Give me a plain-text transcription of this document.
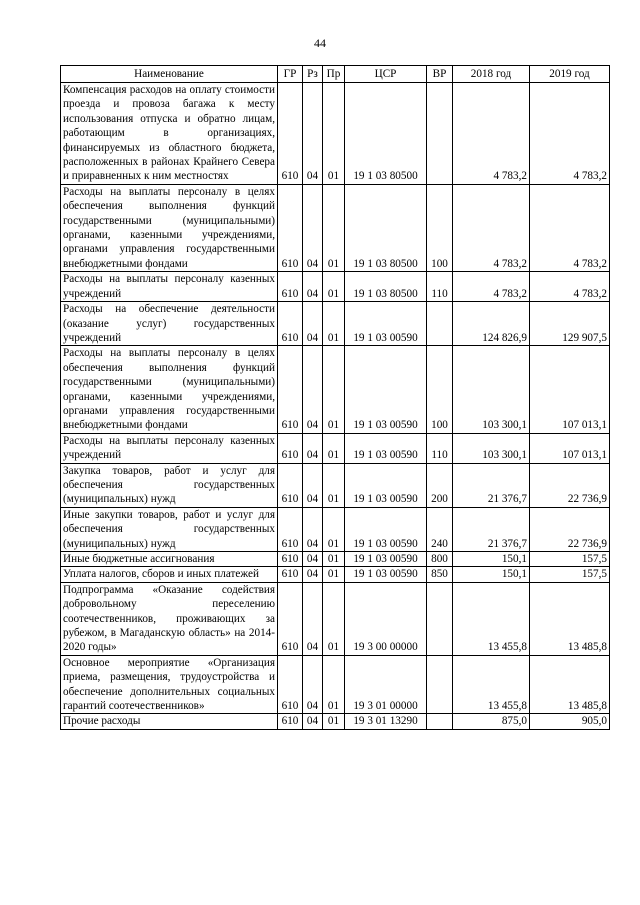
44
Наименование	ГР	Рз	Пр	ЦСР	ВР	2018 год	2019 год
Компенсация расходов на оплату стоимости проезда и провоза багажа к месту использования отпуска и обратно лицам, работающим в организациях, финансируемых из областного бюджета, расположенных в районах Крайнего Севера и приравненных к ним местностях	610	04	01	19 1 03 80500		4 783,2	4 783,2
Расходы на выплаты персоналу в целях обеспечения выполнения функций государственными (муниципальными) органами, казенными учреждениями, органами управления государственными внебюджетными фондами	610	04	01	19 1 03 80500	100	4 783,2	4 783,2
Расходы на выплаты персоналу казенных учреждений	610	04	01	19 1 03 80500	110	4 783,2	4 783,2
Расходы на обеспечение деятельности (оказание услуг) государственных учреждений	610	04	01	19 1 03 00590		124 826,9	129 907,5
Расходы на выплаты персоналу в целях обеспечения выполнения функций государственными (муниципальными) органами, казенными учреждениями, органами управления государственными внебюджетными фондами	610	04	01	19 1 03 00590	100	103 300,1	107 013,1
Расходы на выплаты персоналу казенных учреждений	610	04	01	19 1 03 00590	110	103 300,1	107 013,1
Закупка товаров, работ и услуг для обеспечения государственных (муниципальных) нужд	610	04	01	19 1 03 00590	200	21 376,7	22 736,9
Иные закупки товаров, работ и услуг для обеспечения государственных (муниципальных) нужд	610	04	01	19 1 03 00590	240	21 376,7	22 736,9
Иные бюджетные ассигнования	610	04	01	19 1 03 00590	800	150,1	157,5
Уплата налогов, сборов и иных платежей	610	04	01	19 1 03 00590	850	150,1	157,5
Подпрограмма «Оказание содействия добровольному переселению соотечественников, проживающих за рубежом, в Магаданскую область» на 2014-2020 годы»	610	04	01	19 3 00 00000		13 455,8	13 485,8
Основное мероприятие «Организация приема, размещения, трудоустройства и обеспечение дополнительных социальных гарантий соотечественников»	610	04	01	19 3 01 00000		13 455,8	13 485,8
Прочие расходы	610	04	01	19 3 01 13290		875,0	905,0
